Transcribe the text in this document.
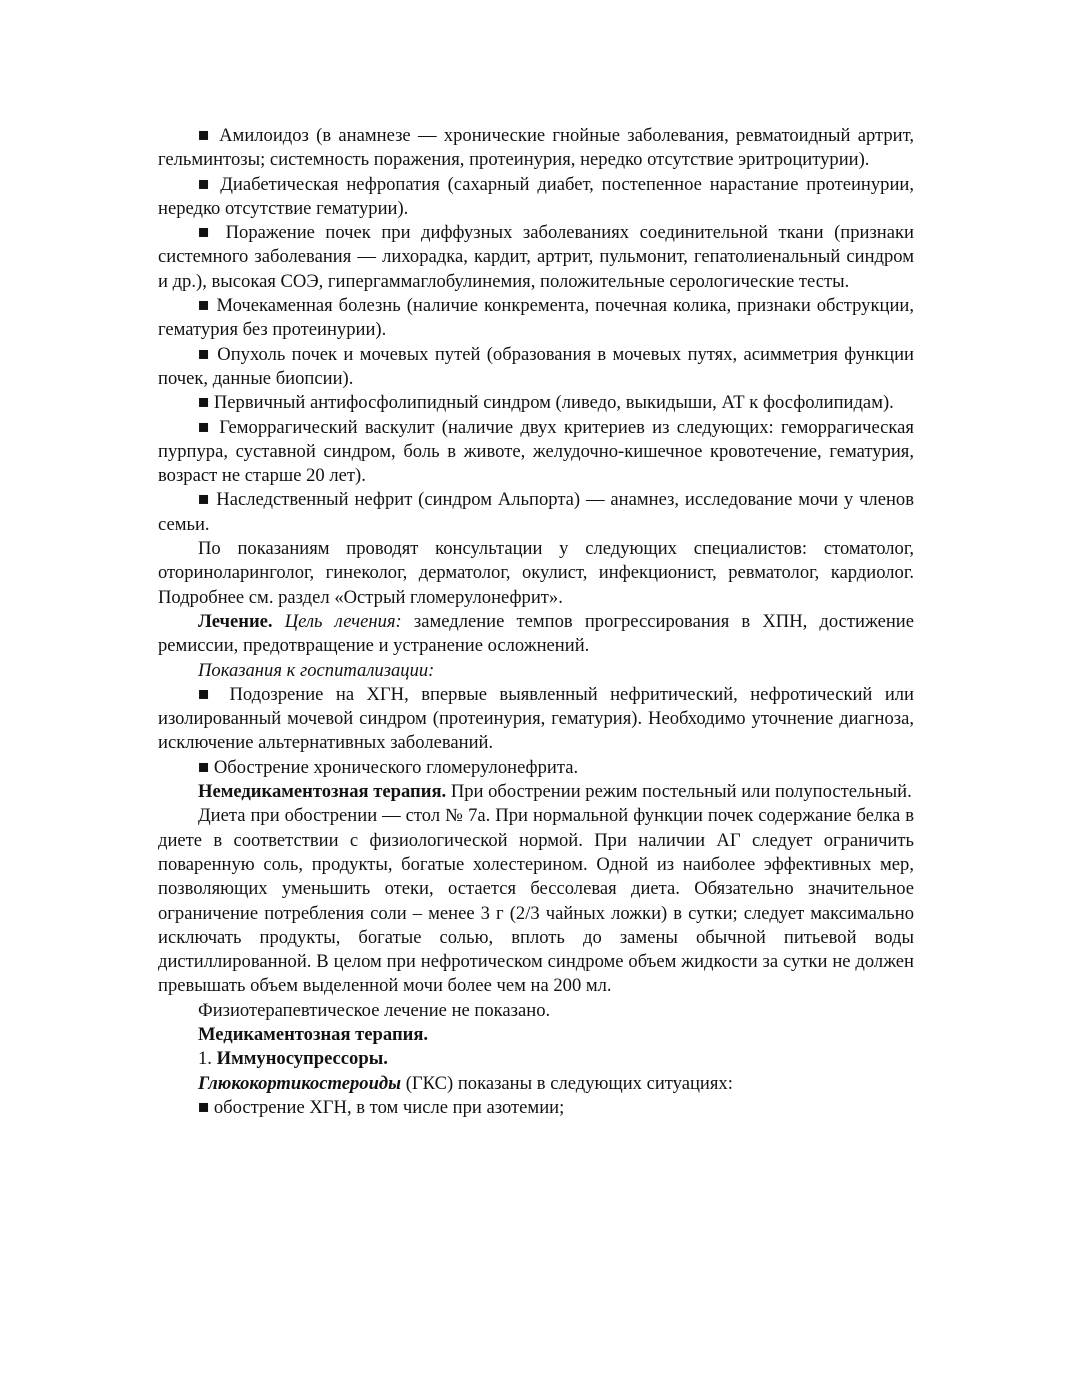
■ Амилоидоз (в анамнезе — хронические гнойные заболевания, ревматоидный артрит, гельминтозы; системность поражения, протеинурия, нередко отсутствие эритроцитурии).

■ Диабетическая нефропатия (сахарный диабет, постепенное нарастание протеинурии, нередко отсутствие гематурии).

■ Поражение почек при диффузных заболеваниях соединительной ткани (признаки системного заболевания — лихорадка, кардит, артрит, пульмонит, гепатолиенальный синдром и др.), высокая СОЭ, гипергаммаглобулинемия, положительные серологические тесты.

■ Мочекаменная болезнь (наличие конкремента, почечная колика, признаки обструкции, гематурия без протеинурии).

■ Опухоль почек и мочевых путей (образования в мочевых путях, асимметрия функции почек, данные биопсии).

■ Первичный антифосфолипидный синдром (ливедо, выкидыши, АТ к фосфолипидам).

■ Геморрагический васкулит (наличие двух критериев из следующих: геморрагическая пурпура, суставной синдром, боль в животе, желудочно-кишечное кровотечение, гематурия, возраст не старше 20 лет).

■ Наследственный нефрит (синдром Альпорта) — анамнез, исследование мочи у членов семьи.

По показаниям проводят консультации у следующих специалистов: стоматолог, оториноларинголог, гинеколог, дерматолог, окулист, инфекционист, ревматолог, кардиолог. Подробнее см. раздел «Острый гломерулонефрит».

Лечение. Цель лечения: замедление темпов прогрессирования в ХПН, достижение ремиссии, предотвращение и устранение осложнений.

Показания к госпитализации:

■ Подозрение на ХГН, впервые выявленный нефритический, нефротический или изолированный мочевой синдром (протеинурия, гематурия). Необходимо уточнение диагноза, исключение альтернативных заболеваний.

■ Обострение хронического гломерулонефрита.

Немедикаментозная терапия. При обострении режим постельный или полупостельный.

Диета при обострении — стол № 7а. При нормальной функции почек содержание белка в диете в соответствии с физиологической нормой. При наличии АГ следует ограничить поваренную соль, продукты, богатые холестерином. Одной из наиболее эффективных мер, позволяющих уменьшить отеки, остается бессолевая диета. Обязательно значительное ограничение потребления соли – менее 3 г (2/3 чайных ложки) в сутки; следует максимально исключать продукты, богатые солью, вплоть до замены обычной питьевой воды дистиллированной. В целом при нефротическом синдроме объем жидкости за сутки не должен превышать объем выделенной мочи более чем на 200 мл.

Физиотерапевтическое лечение не показано.

Медикаментозная терапия.

1. Иммуносупрессоры.

Глюкокортикостероиды (ГКС) показаны в следующих ситуациях:

■ обострение ХГН, в том числе при азотемии;
